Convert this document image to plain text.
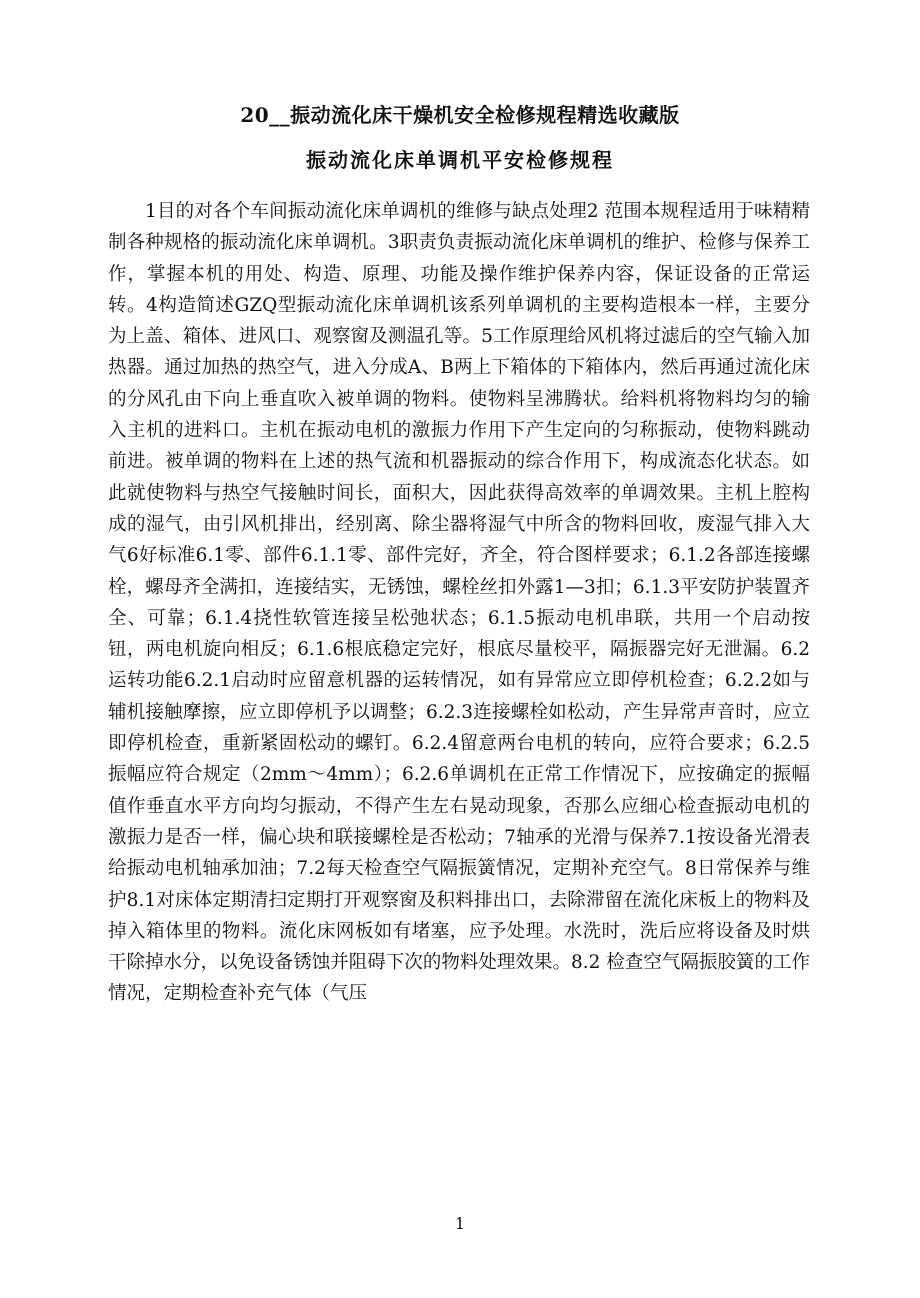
20__振动流化床干燥机安全检修规程精选收藏版
振动流化床单调机平安检修规程

1目的对各个车间振动流化床单调机的维修与缺点处理2 范围本规程适用于味精精制各种规格的振动流化床单调机。3职责负责振动流化床单调机的维护、检修与保养工作，掌握本机的用处、构造、原理、功能及操作维护保养内容，保证设备的正常运转。4构造简述GZQ型振动流化床单调机该系列单调机的主要构造根本一样，主要分为上盖、箱体、进风口、观察窗及测温孔等。5工作原理给风机将过滤后的空气输入加热器。通过加热的热空气，进入分成A、B两上下箱体的下箱体内，然后再通过流化床的分风孔由下向上垂直吹入被单调的物料。使物料呈沸腾状。给料机将物料均匀的输入主机的进料口。主机在振动电机的激振力作用下产生定向的匀称振动，使物料跳动前进。被单调的物料在上述的热气流和机器振动的综合作用下，构成流态化状态。如此就使物料与热空气接触时间长，面积大，因此获得高效率的单调效果。主机上腔构成的湿气，由引风机排出，经别离、除尘器将湿气中所含的物料回收，废湿气排入大气6好标准6.1零、部件6.1.1零、部件完好，齐全，符合图样要求；6.1.2各部连接螺栓，螺母齐全满扣，连接结实，无锈蚀，螺栓丝扣外露1—3扣；6.1.3平安防护装置齐全、可靠；6.1.4挠性软管连接呈松弛状态；6.1.5振动电机串联，共用一个启动按钮，两电机旋向相反；6.1.6根底稳定完好，根底尽量校平，隔振器完好无泄漏。6.2运转功能6.2.1启动时应留意机器的运转情况，如有异常应立即停机检查；6.2.2如与辅机接触摩擦，应立即停机予以调整；6.2.3连接螺栓如松动，产生异常声音时，应立即停机检查，重新紧固松动的螺钉。6.2.4留意两台电机的转向，应符合要求；6.2.5振幅应符合规定（2mm～4mm）；6.2.6单调机在正常工作情况下，应按确定的振幅值作垂直水平方向均匀振动，不得产生左右晃动现象，否那么应细心检查振动电机的激振力是否一样，偏心块和联接螺栓是否松动；7轴承的光滑与保养7.1按设备光滑表给振动电机轴承加油；7.2每天检查空气隔振簧情况，定期补充空气。8日常保养与维护8.1对床体定期清扫定期打开观察窗及积料排出口，去除滞留在流化床板上的物料及掉入箱体里的物料。流化床网板如有堵塞，应予处理。水洗时，洗后应将设备及时烘干除掉水分，以免设备锈蚀并阻碍下次的物料处理效果。8.2 检查空气隔振胶簧的工作情况，定期检查补充气体（气压

1
